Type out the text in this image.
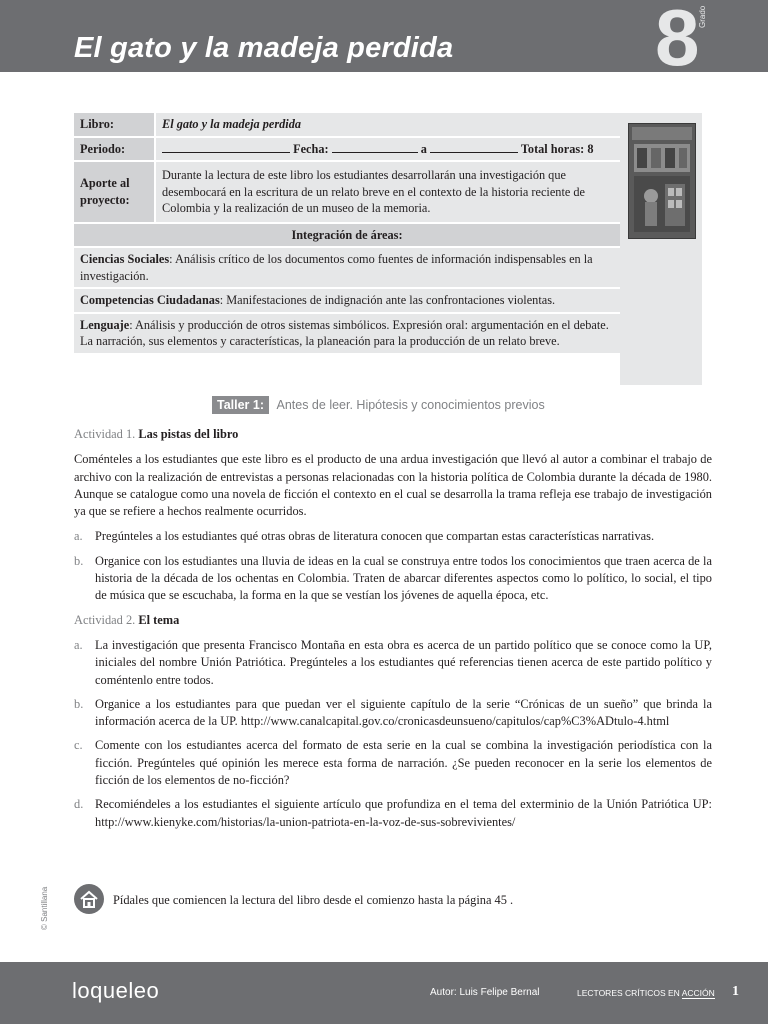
El gato y la madeja perdida	8
Grado
Libro:	El gato y la madeja perdida
Periodo:	Fecha:	a	Total horas: 8
Aporte al proyecto:
Durante la lectura de este libro los estudiantes desarrollarán una investigación que desembocará en la escritura de un relato breve en el contexto de la historia reciente de Colombia y la realización de un museo de la memoria.
Integración de áreas:
Ciencias Sociales: Análisis crítico de los documentos como fuentes de información indispensables en la investigación.
Competencias Ciudadanas: Manifestaciones de indignación ante las confrontaciones violentas.
Lenguaje: Análisis y producción de otros sistemas simbólicos. Expresión oral: argumentación en el debate. La narración, sus elementos y características, la planeación para la producción de un relato breve.
Taller 1: Antes de leer. Hipótesis y conocimientos previos
Actividad 1. Las pistas del libro
Coménteles a los estudiantes que este libro es el producto de una ardua investigación que llevó al autor a combinar el trabajo de archivo con la realización de entrevistas a personas relacionadas con la historia política de Colombia durante la década de 1980. Aunque se catalogue como una novela de ficción el contexto en el cual se desarrolla la trama refleja ese trabajo de investigación ya que se refiere a hechos realmente ocurridos.
a. Pregúnteles a los estudiantes qué otras obras de literatura conocen que compartan estas características narrativas.
b. Organice con los estudiantes una lluvia de ideas en la cual se construya entre todos los conocimientos que traen acerca de la historia de la década de los ochentas en Colombia. Traten de abarcar diferentes aspectos como lo político, lo social, el tipo de música que se escuchaba, la forma en la que se vestían los jóvenes de aquella época, etc.
Actividad 2. El tema
a. La investigación que presenta Francisco Montaña en esta obra es acerca de un partido político que se conoce como la UP, iniciales del nombre Unión Patriótica. Pregúnteles a los estudiantes qué referencias tienen acerca de este partido político y coméntenlo entre todos.
b. Organice a los estudiantes para que puedan ver el siguiente capítulo de la serie “Crónicas de un sueño” que brinda la información acerca de la UP. http://www.canalcapital.gov.co/cronicasdeunsueno/capitulos/cap%C3%ADtulo-4.html
c. Comente con los estudiantes acerca del formato de esta serie en la cual se combina la investigación periodística con la ficción. Pregúnteles qué opinión les merece esta forma de narración. ¿Se pueden reconocer en la serie los elementos de ficción de los elementos de no-ficción?
d. Recomiéndeles a los estudiantes el siguiente artículo que profundiza en el tema del exterminio de la Unión Patriótica UP: http://www.kienyke.com/historias/la-union-patriota-en-la-voz-de-sus-sobrevivientes/
Pídales que comiencen la lectura del libro desde el comienzo hasta la página 45 .
© Santillana
loqueleo	Autor: Luis Felipe Bernal	LECTORES CRÍTICOS EN ACCIÓN 1
